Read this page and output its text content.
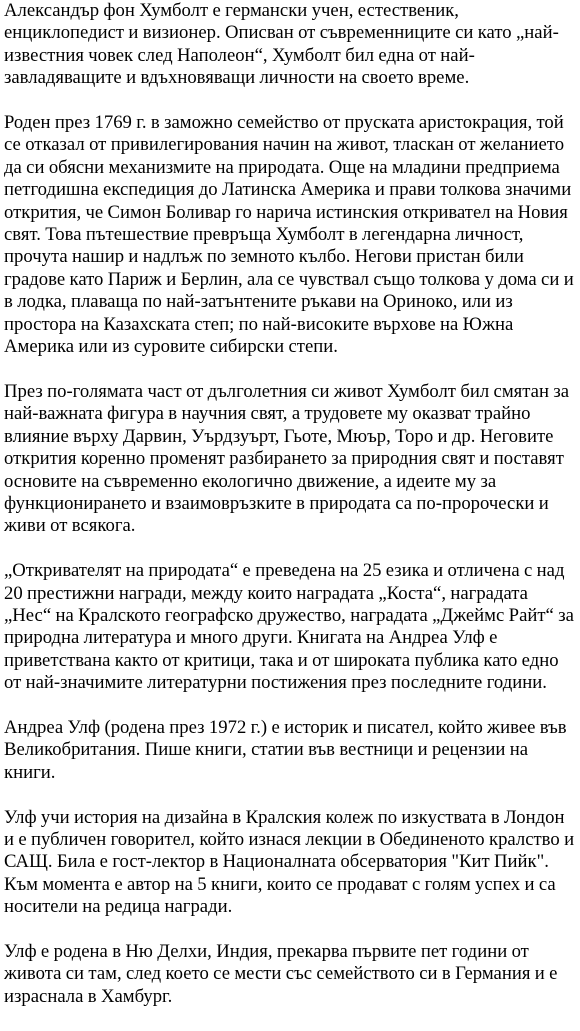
Александър фон Хумболт е германски учен, естественик, енциклопедист и визионер. Описван от съвременниците си като „най-известния човек след Наполеон“, Хумболт бил една от най-завладяващите и вдъхновяващи личности на своето време.

Роден през 1769 г. в заможно семейство от пруската аристокрация, той се отказал от привилегирования начин на живот, тласкан от желанието да си обясни механизмите на природата. Още на младини предприема петгодишна експедиция до Латинска Америка и прави толкова значими открития, че Симон Боливар го нарича истинския откривател на Новия свят. Това пътешествие превръща Хумболт в легендарна личност, прочута нашир и надлъж по земното кълбо. Негови пристан били градове като Париж и Берлин, ала се чувствал също толкова у дома си и в лодка, плаваща по най-затънтените ръкави на Ориноко, или из простора на Казахската степ; по най-високите върхове на Южна Америка или из суровите сибирски степи.

През по-голямата част от дълголетния си живот Хумболт бил смятан за най-важната фигура в научния свят, а трудовете му оказват трайно влияние върху Дарвин, Уърдзуърт, Гьоте, Мюър, Торо и др. Неговите открития коренно променят разбирането за природния свят и поставят основите на съвременно екологично движение, а идеите му за функционирането и взаимовръзките в природата са по-пророчески и живи от всякога.

„Откривателят на природата“ е преведена на 25 езика и отличена с над 20 престижни награди, между които наградата „Коста“, наградата „Нес“ на Кралското географско дружество, наградата „Джеймс Райт“ за природна литература и много други. Книгата на Андреа Улф е приветствана както от критици, така и от широката публика като едно от най-значимите литературни постижения през последните години.

Андреа Улф (родена през 1972 г.) е историк и писател, който живее във Великобритания. Пише книги, статии във вестници и рецензии на книги.

Улф учи история на дизайна в Кралския колеж по изкуствата в Лондон и е публичен говорител, който изнася лекции в Обединеното кралство и САЩ. Била е гост-лектор в Националната обсерватория "Кит Пийк". Към момента е автор на 5 книги, които се продават с голям успех и са носители на редица награди.

Улф е родена в Ню Делхи, Индия, прекарва първите пет години от живота си там, след което се мести със семейството си в Германия и е израснала в Хамбург.
